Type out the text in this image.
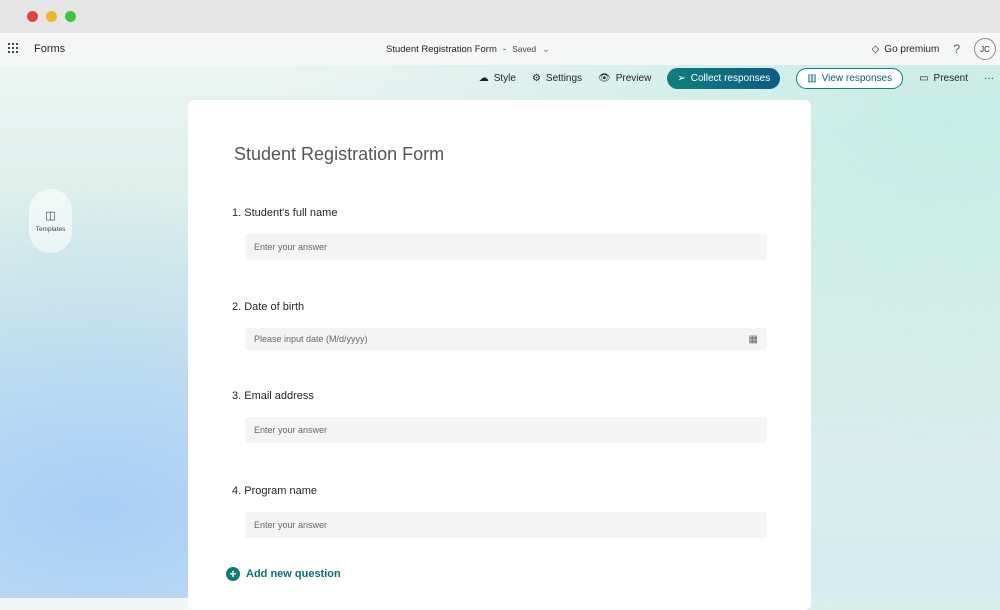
Forms	Student Registration Form - Saved ⌄	◇ Go premium ?	JC
☁ Style ⚙ Settings 👁 Preview	➢ Collect responses	▥ View responses	▭ Present ···
◫
Templates
Student Registration Form
1. Student's full name
Enter your answer
2. Date of birth
Please input date (M/d/yyyy)	▦
3. Email address
Enter your answer
4. Program name
Enter your answer
+ Add new question
